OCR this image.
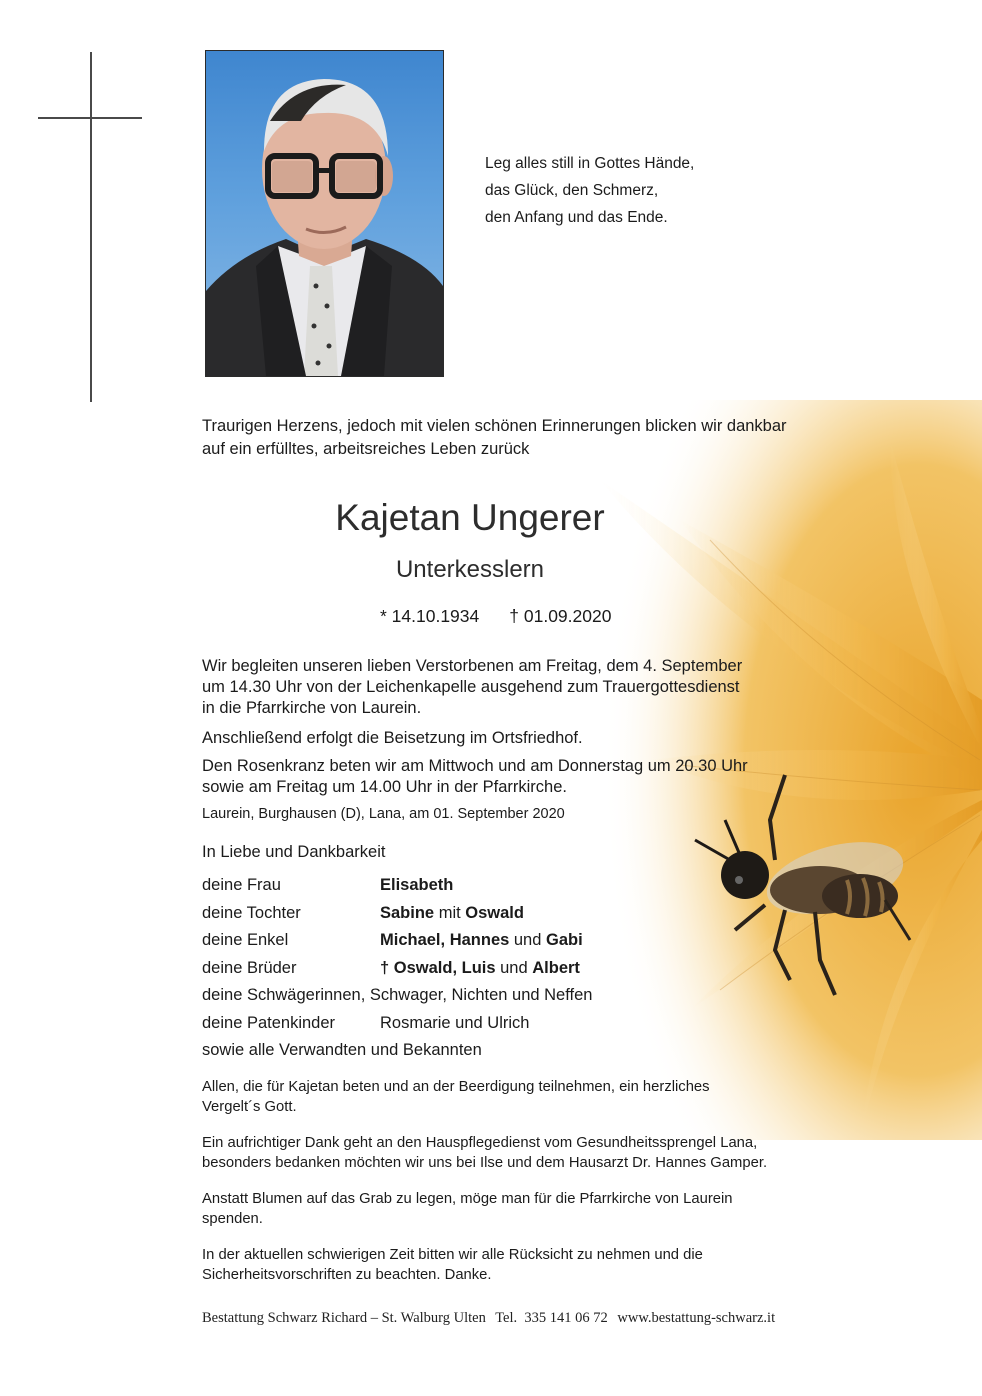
Leg alles still in Gottes Hände,
das Glück, den Schmerz,
den Anfang und das Ende.
Traurigen Herzens, jedoch mit vielen schönen Erinnerungen blicken wir dankbar
auf ein erfülltes, arbeitsreiches Leben zurück
Kajetan Ungerer
Unterkesslern
* 14.10.1934 † 01.09.2020
Wir begleiten unseren lieben Verstorbenen am Freitag, dem 4. September
um 14.30 Uhr von der Leichenkapelle ausgehend zum Trauergottesdienst
in die Pfarrkirche von Laurein.
Anschließend erfolgt die Beisetzung im Ortsfriedhof.
Den Rosenkranz beten wir am Mittwoch und am Donnerstag um 20.30 Uhr
sowie am Freitag um 14.00 Uhr in der Pfarrkirche.
Laurein, Burghausen (D), Lana, am 01. September 2020
In Liebe und Dankbarkeit
deine Frau	Elisabeth
deine Tochter	Sabine mit Oswald
deine Enkel	Michael, Hannes und Gabi
deine Brüder	† Oswald, Luis und Albert
deine Schwägerinnen, Schwager, Nichten und Neffen
deine Patenkinder	Rosmarie und Ulrich
sowie alle Verwandten und Bekannten
Allen, die für Kajetan beten und an der Beerdigung teilnehmen, ein herzliches
Vergelt´s Gott.
Ein aufrichtiger Dank geht an den Hauspflegedienst vom Gesundheitssprengel Lana,
besonders bedanken möchten wir uns bei Ilse und dem Hausarzt Dr. Hannes Gamper.
Anstatt Blumen auf das Grab zu legen, möge man für die Pfarrkirche von Laurein
spenden.
In der aktuellen schwierigen Zeit bitten wir alle Rücksicht zu nehmen und die
Sicherheitsvorschriften zu beachten. Danke.
Bestattung Schwarz Richard – St. Walburg Ulten Tel.  335 141 06 72 www.bestattung-schwarz.it
